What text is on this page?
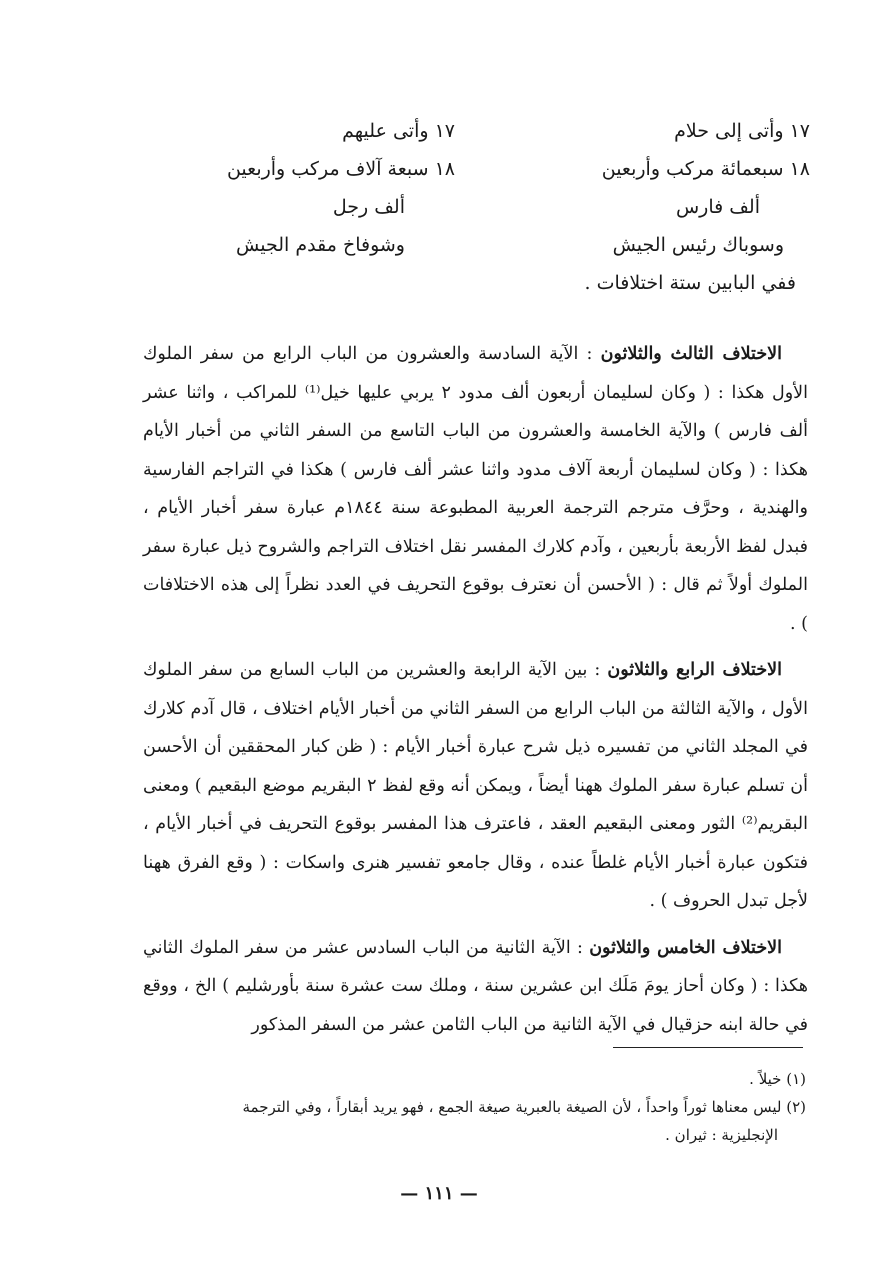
١٧ وأتى إلى حلام
١٨ سبعمائة مركب وأربعين
ألف فارس
وسوباك رئيس الجيش
ففي البابين ستة اختلافات .
١٧ وأتى عليهم
١٨ سبعة آلاف مركب وأربعين
ألف رجل
وشوفاخ مقدم الجيش

الاختلاف الثالث والثلاثون : الآية السادسة والعشرون من الباب الرابع من سفر الملوك الأول هكذا : ( وكان لسليمان أربعون ألف مدود ٢ يربي عليها خيل⁽¹⁾ للمراكب ، واثنا عشر ألف فارس ) والآية الخامسة والعشرون من الباب التاسع من السفر الثاني من أخبار الأيام هكذا : ( وكان لسليمان أربعة آلاف مدود واثنا عشر ألف فارس ) هكذا في التراجم الفارسية والهندية ، وحرَّف مترجم الترجمة العربية المطبوعة سنة ١٨٤٤م عبارة سفر أخبار الأيام ، فبدل لفظ الأربعة بأربعين ، وآدم كلارك المفسر نقل اختلاف التراجم والشروح ذيل عبارة سفر الملوك أولاً ثم قال : ( الأحسن أن نعترف بوقوع التحريف في العدد نظراً إلى هذه الاختلافات ) .

الاختلاف الرابع والثلاثون : بين الآية الرابعة والعشرين من الباب السابع من سفر الملوك الأول ، والآية الثالثة من الباب الرابع من السفر الثاني من أخبار الأيام اختلاف ، قال آدم كلارك في المجلد الثاني من تفسيره ذيل شرح عبارة أخبار الأيام : ( ظن كبار المحققين أن الأحسن أن تسلم عبارة سفر الملوك ههنا أيضاً ، ويمكن أنه وقع لفظ ٢ البقريم موضع البقعيم ) ومعنى البقريم⁽²⁾ الثور ومعنى البقعيم العقد ، فاعترف هذا المفسر بوقوع التحريف في أخبار الأيام ، فتكون عبارة أخبار الأيام غلطاً عنده ، وقال جامعو تفسير هنرى واسكات : ( وقع الفرق ههنا لأجل تبدل الحروف ) .

الاختلاف الخامس والثلاثون : الآية الثانية من الباب السادس عشر من سفر الملوك الثاني هكذا : ( وكان أحاز يومَ مَلَك ابن عشرين سنة ، وملك ست عشرة سنة بأورشليم ) الخ ، ووقع في حالة ابنه حزقيال في الآية الثانية من الباب الثامن عشر من السفر المذكور

(١) خيلاً .

(٢) ليس معناها ثوراً واحداً ، لأن الصيغة بالعبرية صيغة الجمع ، فهو يريد أبقاراً ، وفي الترجمة

الإنجليزية : ثيران .

— ١١١ —
